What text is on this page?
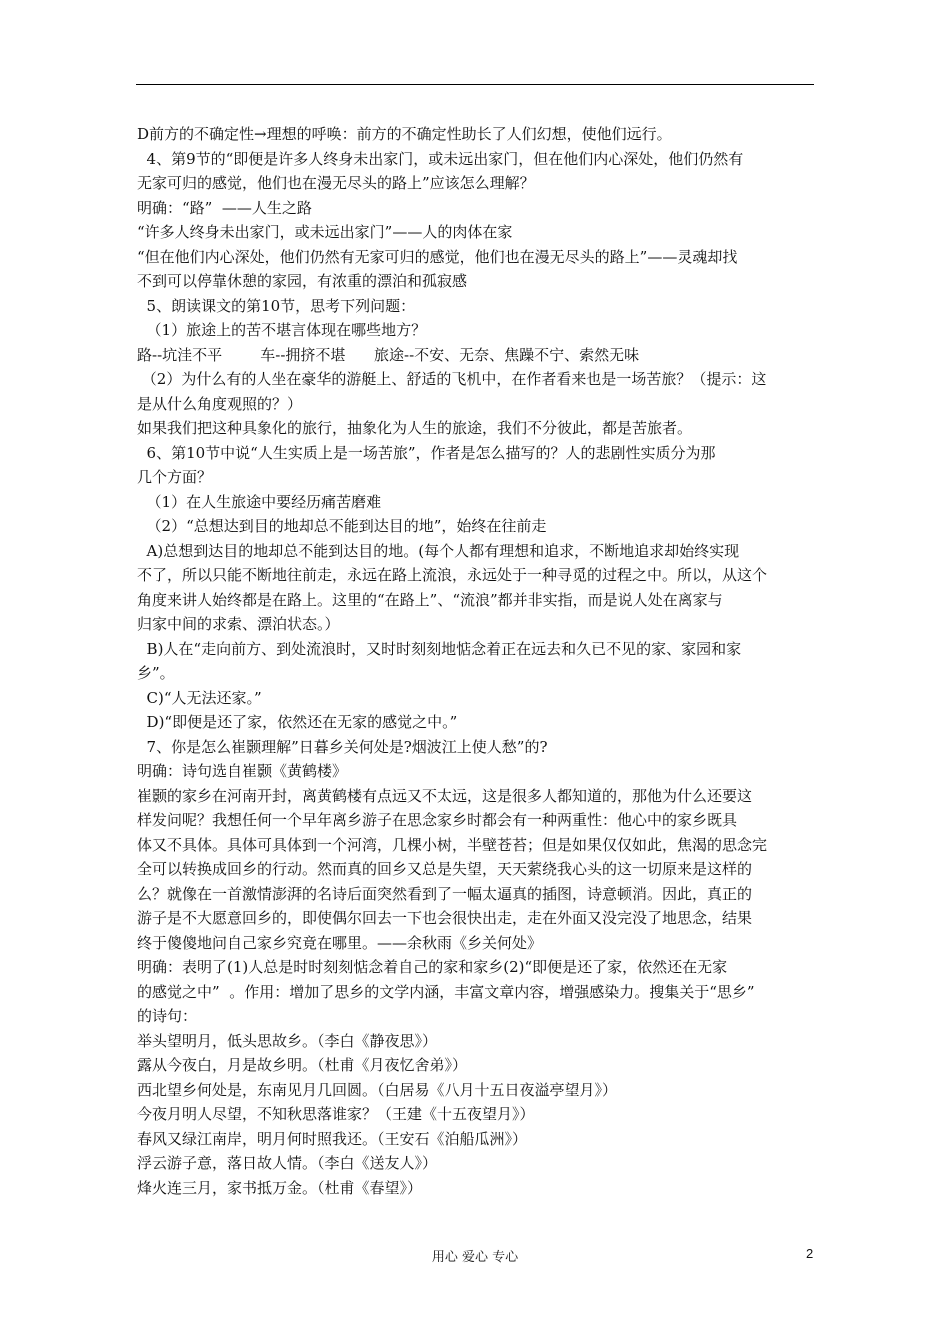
D前方的不确定性→理想的呼唤：前方的不确定性助长了人们幻想，使他们远行。

4、第9节的“即便是许多人终身未出家门，或未远出家门，但在他们内心深处，他们仍然有

无家可归的感觉，他们也在漫无尽头的路上”应该怎么理解？

明确：“路”  ——人生之路

“许多人终身未出家门，或未远出家门”——人的肉体在家

“但在他们内心深处，他们仍然有无家可归的感觉，他们也在漫无尽头的路上”——灵魂却找

不到可以停靠休憩的家园，有浓重的漂泊和孤寂感

5、朗读课文的第10节，思考下列问题：

（1）旅途上的苦不堪言体现在哪些地方？

路--坑洼不平        车--拥挤不堪      旅途--不安、无奈、焦躁不宁、索然无味

（2）为什么有的人坐在豪华的游艇上、舒适的飞机中，在作者看来也是一场苦旅？（提示：这

是从什么角度观照的？）

如果我们把这种具象化的旅行，抽象化为人生的旅途，我们不分彼此，都是苦旅者。

6、第10节中说“人生实质上是一场苦旅”，作者是怎么描写的？人的悲剧性实质分为那

几个方面？

（1）在人生旅途中要经历痛苦磨难

（2）“总想达到目的地却总不能到达目的地”，始终在往前走

A)总想到达目的地却总不能到达目的地。(每个人都有理想和追求，不断地追求却始终实现

不了，所以只能不断地往前走，永远在路上流浪，永远处于一种寻觅的过程之中。所以，从这个

角度来讲人始终都是在路上。这里的“在路上”、“流浪”都并非实指，而是说人处在离家与

归家中间的求索、漂泊状态。）

B)人在“走向前方、到处流浪时，又时时刻刻地惦念着正在远去和久已不见的家、家园和家

乡”。

C)“人无法还家。”

D)“即便是还了家，依然还在无家的感觉之中。”

7、你是怎么崔颢理解”日暮乡关何处是?烟波江上使人愁”的?

明确：诗句选自崔颢《黄鹤楼》

崔颢的家乡在河南开封，离黄鹤楼有点远又不太远，这是很多人都知道的，那他为什么还要这

样发问呢？我想任何一个早年离乡游子在思念家乡时都会有一种两重性：他心中的家乡既具

体又不具体。具体可具体到一个河湾，几棵小树，半壁苍苔；但是如果仅仅如此，焦渴的思念完

全可以转换成回乡的行动。然而真的回乡又总是失望，天天萦绕我心头的这一切原来是这样的

么？就像在一首激情澎湃的名诗后面突然看到了一幅太逼真的插图，诗意顿消。因此，真正的

游子是不大愿意回乡的，即使偶尔回去一下也会很快出走，走在外面又没完没了地思念，结果

终于傻傻地问自己家乡究竟在哪里。——余秋雨《乡关何处》

明确：表明了(1)人总是时时刻刻惦念着自己的家和家乡(2)“即便是还了家，依然还在无家

的感觉之中”  。作用：增加了思乡的文学内涵，丰富文章内容，增强感染力。搜集关于“思乡”

的诗句：

举头望明月，低头思故乡。（李白《静夜思》）

露从今夜白，月是故乡明。（杜甫《月夜忆舍弟》）

西北望乡何处是，东南见月几回圆。（白居易《八月十五日夜溢亭望月》）

今夜月明人尽望，不知秋思落谁家？（王建《十五夜望月》）

春风又绿江南岸，明月何时照我还。（王安石《泊船瓜洲》）

浮云游子意，落日故人情。（李白《送友人》）

烽火连三月，家书抵万金。（杜甫《春望》）

用心 爱心 专心	2
